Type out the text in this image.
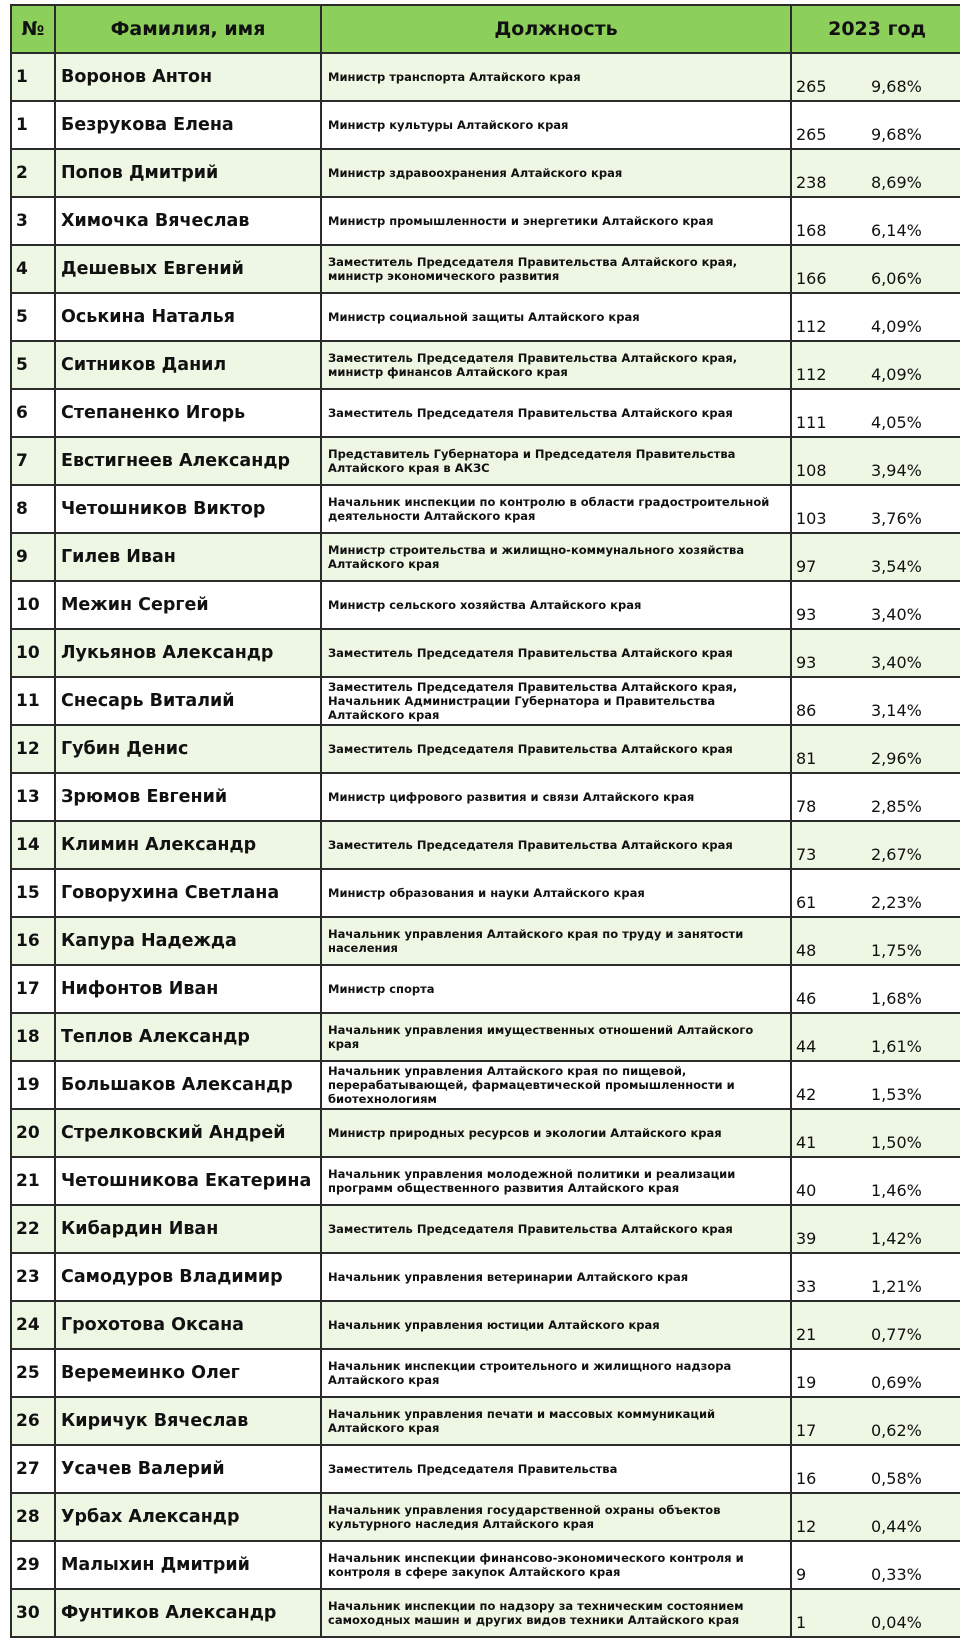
№	Фамилия, имя	Должность	2023 год	
1	Воронов Антон	Министр транспорта Алтайского края	265	9,68%
1	Безрукова Елена	Министр культуры Алтайского края	265	9,68%
2	Попов Дмитрий	Министр здравоохранения Алтайского края	238	8,69%
3	Химочка Вячеслав	Министр промышленности и энергетики Алтайского края	168	6,14%
4	Дешевых Евгений	Заместитель Председателя Правительства Алтайского края, министр экономического развития	166	6,06%
5	Оськина Наталья	Министр социальной защиты Алтайского края	112	4,09%
5	Ситников Данил	Заместитель Председателя Правительства Алтайского края, министр финансов Алтайского края	112	4,09%
6	Степаненко Игорь	Заместитель Председателя Правительства Алтайского края	111	4,05%
7	Евстигнеев Александр	Представитель Губернатора и Председателя Правительства Алтайского края в АКЗС	108	3,94%
8	Четошников Виктор	Начальник инспекции по контролю в области градостроительной деятельности Алтайского края	103	3,76%
9	Гилев Иван	Министр строительства и жилищно-коммунального хозяйства Алтайского края	97	3,54%
10	Межин Сергей	Министр сельского хозяйства Алтайского края	93	3,40%
10	Лукьянов Александр	Заместитель Председателя Правительства Алтайского края	93	3,40%
11	Снесарь Виталий	Заместитель Председателя Правительства Алтайского края, Начальник Администрации Губернатора и Правительства Алтайского края	86	3,14%
12	Губин Денис	Заместитель Председателя Правительства Алтайского края	81	2,96%
13	Зрюмов Евгений	Министр цифрового развития и связи Алтайского края	78	2,85%
14	Климин Александр	Заместитель Председателя Правительства Алтайского края	73	2,67%
15	Говорухина Светлана	Министр образования и науки Алтайского края	61	2,23%
16	Капура Надежда	Начальник управления Алтайского края по труду и занятости населения	48	1,75%
17	Нифонтов Иван	Министр спорта	46	1,68%
18	Теплов Александр	Начальник управления имущественных отношений Алтайского края	44	1,61%
19	Большаков Александр	Начальник управления Алтайского края по пищевой, перерабатывающей, фармацевтической промышленности и биотехнологиям	42	1,53%
20	Стрелковский Андрей	Министр природных ресурсов и экологии Алтайского края	41	1,50%
21	Четошникова Екатерина	Начальник управления молодежной политики и реализации программ общественного развития Алтайского края	40	1,46%
22	Кибардин Иван	Заместитель Председателя Правительства Алтайского края	39	1,42%
23	Самодуров Владимир	Начальник управления ветеринарии Алтайского края	33	1,21%
24	Грохотова Оксана	Начальник управления юстиции Алтайского края	21	0,77%
25	Веремеинко Олег	Начальник инспекции строительного и жилищного надзора Алтайского края	19	0,69%
26	Киричук Вячеслав	Начальник управления печати и массовых коммуникаций Алтайского края	17	0,62%
27	Усачев Валерий	Заместитель Председателя Правительства	16	0,58%
28	Урбах Александр	Начальник управления государственной охраны объектов культурного наследия Алтайского края	12	0,44%
29	Малыхин Дмитрий	Начальник инспекции финансово-экономического контроля и контроля в сфере закупок Алтайского края	9	0,33%
30	Фунтиков Александр	Начальник инспекции по надзору за техническим состоянием самоходных машин и других видов техники Алтайского края	1	0,04%
